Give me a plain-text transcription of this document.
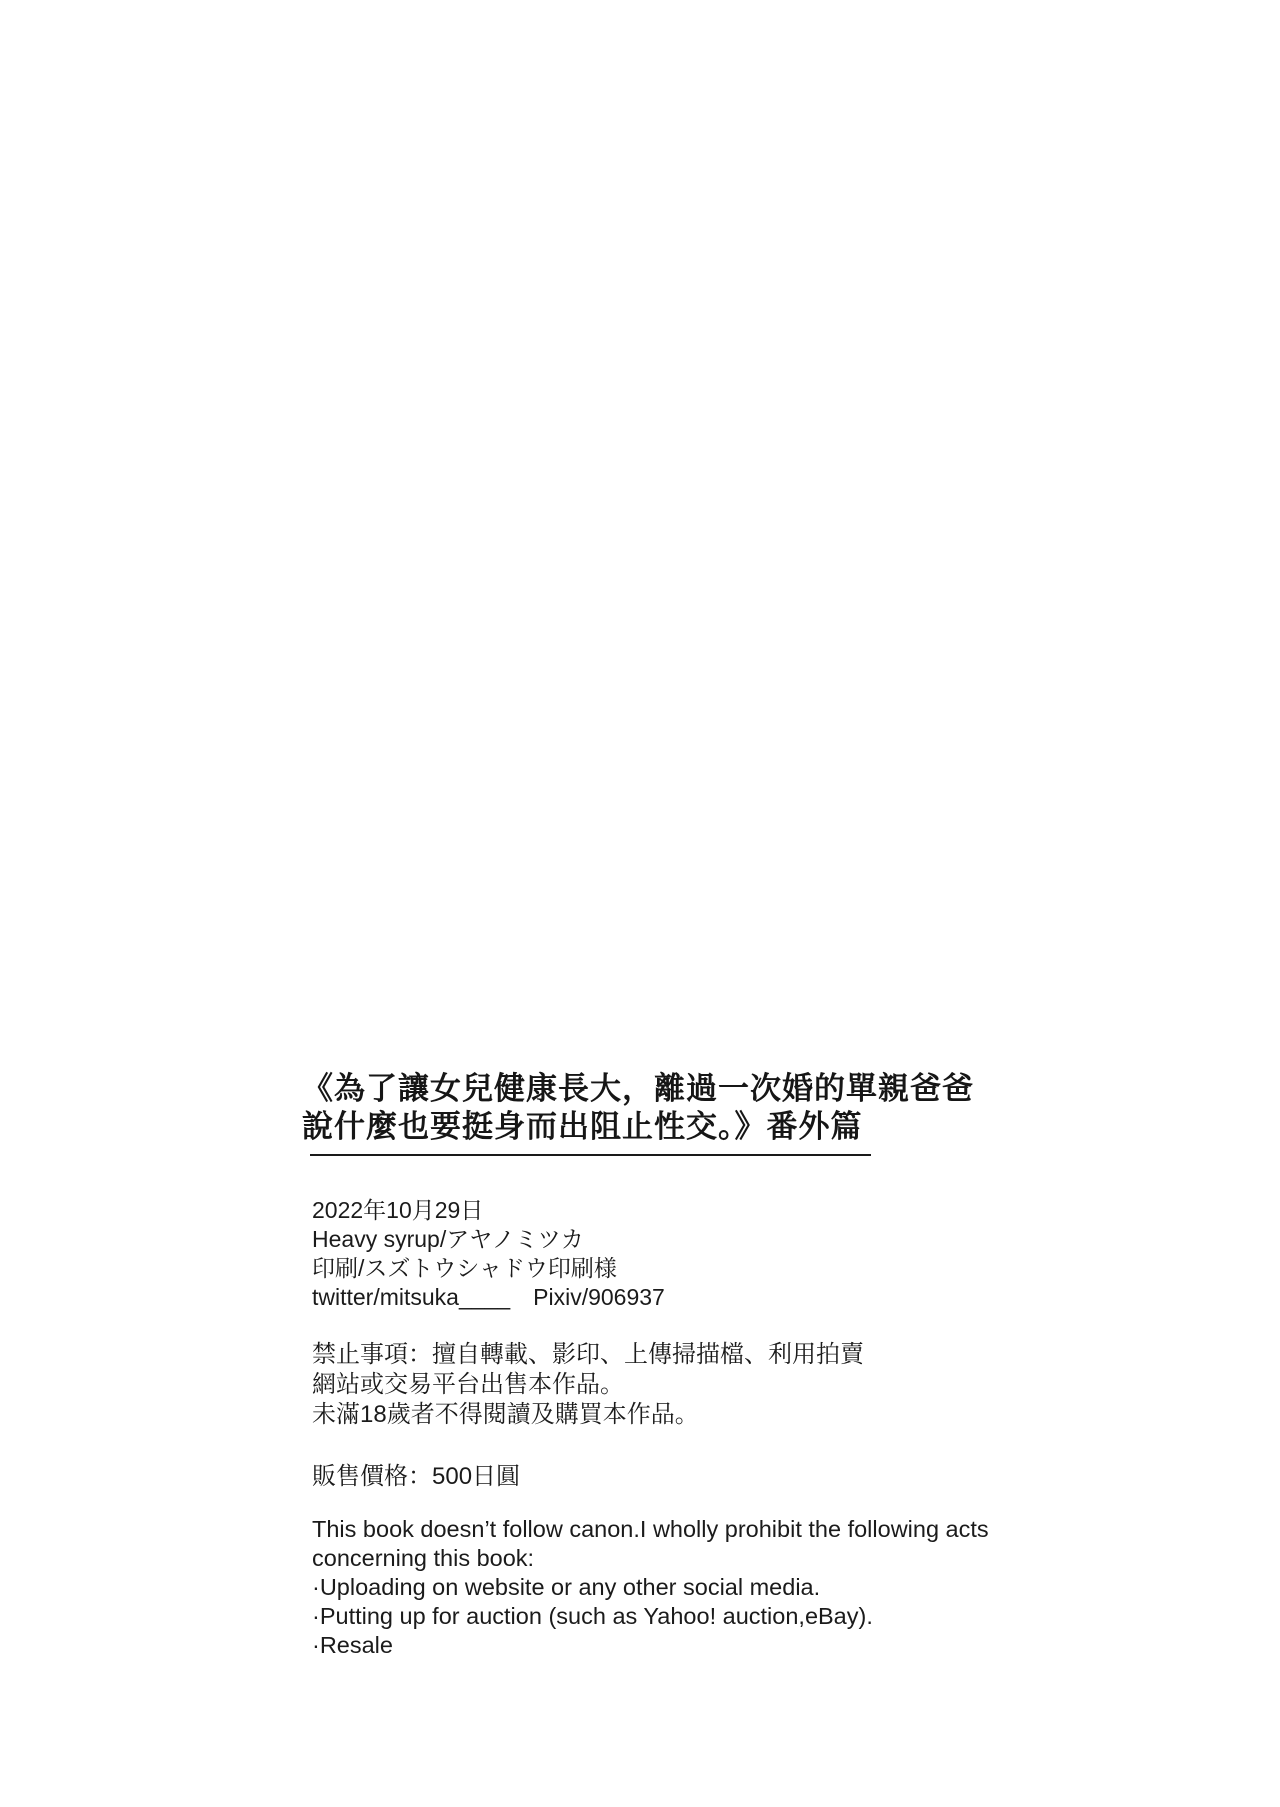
《為了讓女兒健康長大，離過一次婚的單親爸爸
說什麼也要挺身而出阻止性交。》番外篇
2022年10月29日
Heavy syrup/アヤノミツカ
印刷/スズトウシャドウ印刷様
twitter/mitsuka____　Pixiv/906937
禁止事項：擅自轉載、影印、上傳掃描檔、利用拍賣
網站或交易平台出售本作品。
未滿18歲者不得閱讀及購買本作品。
販售價格：500日圓
This book doesn’t follow canon.I wholly prohibit the following acts
concerning this book:
·Uploading on website or any other social media.
·Putting up for auction (such as Yahoo! auction,eBay).
·Resale
